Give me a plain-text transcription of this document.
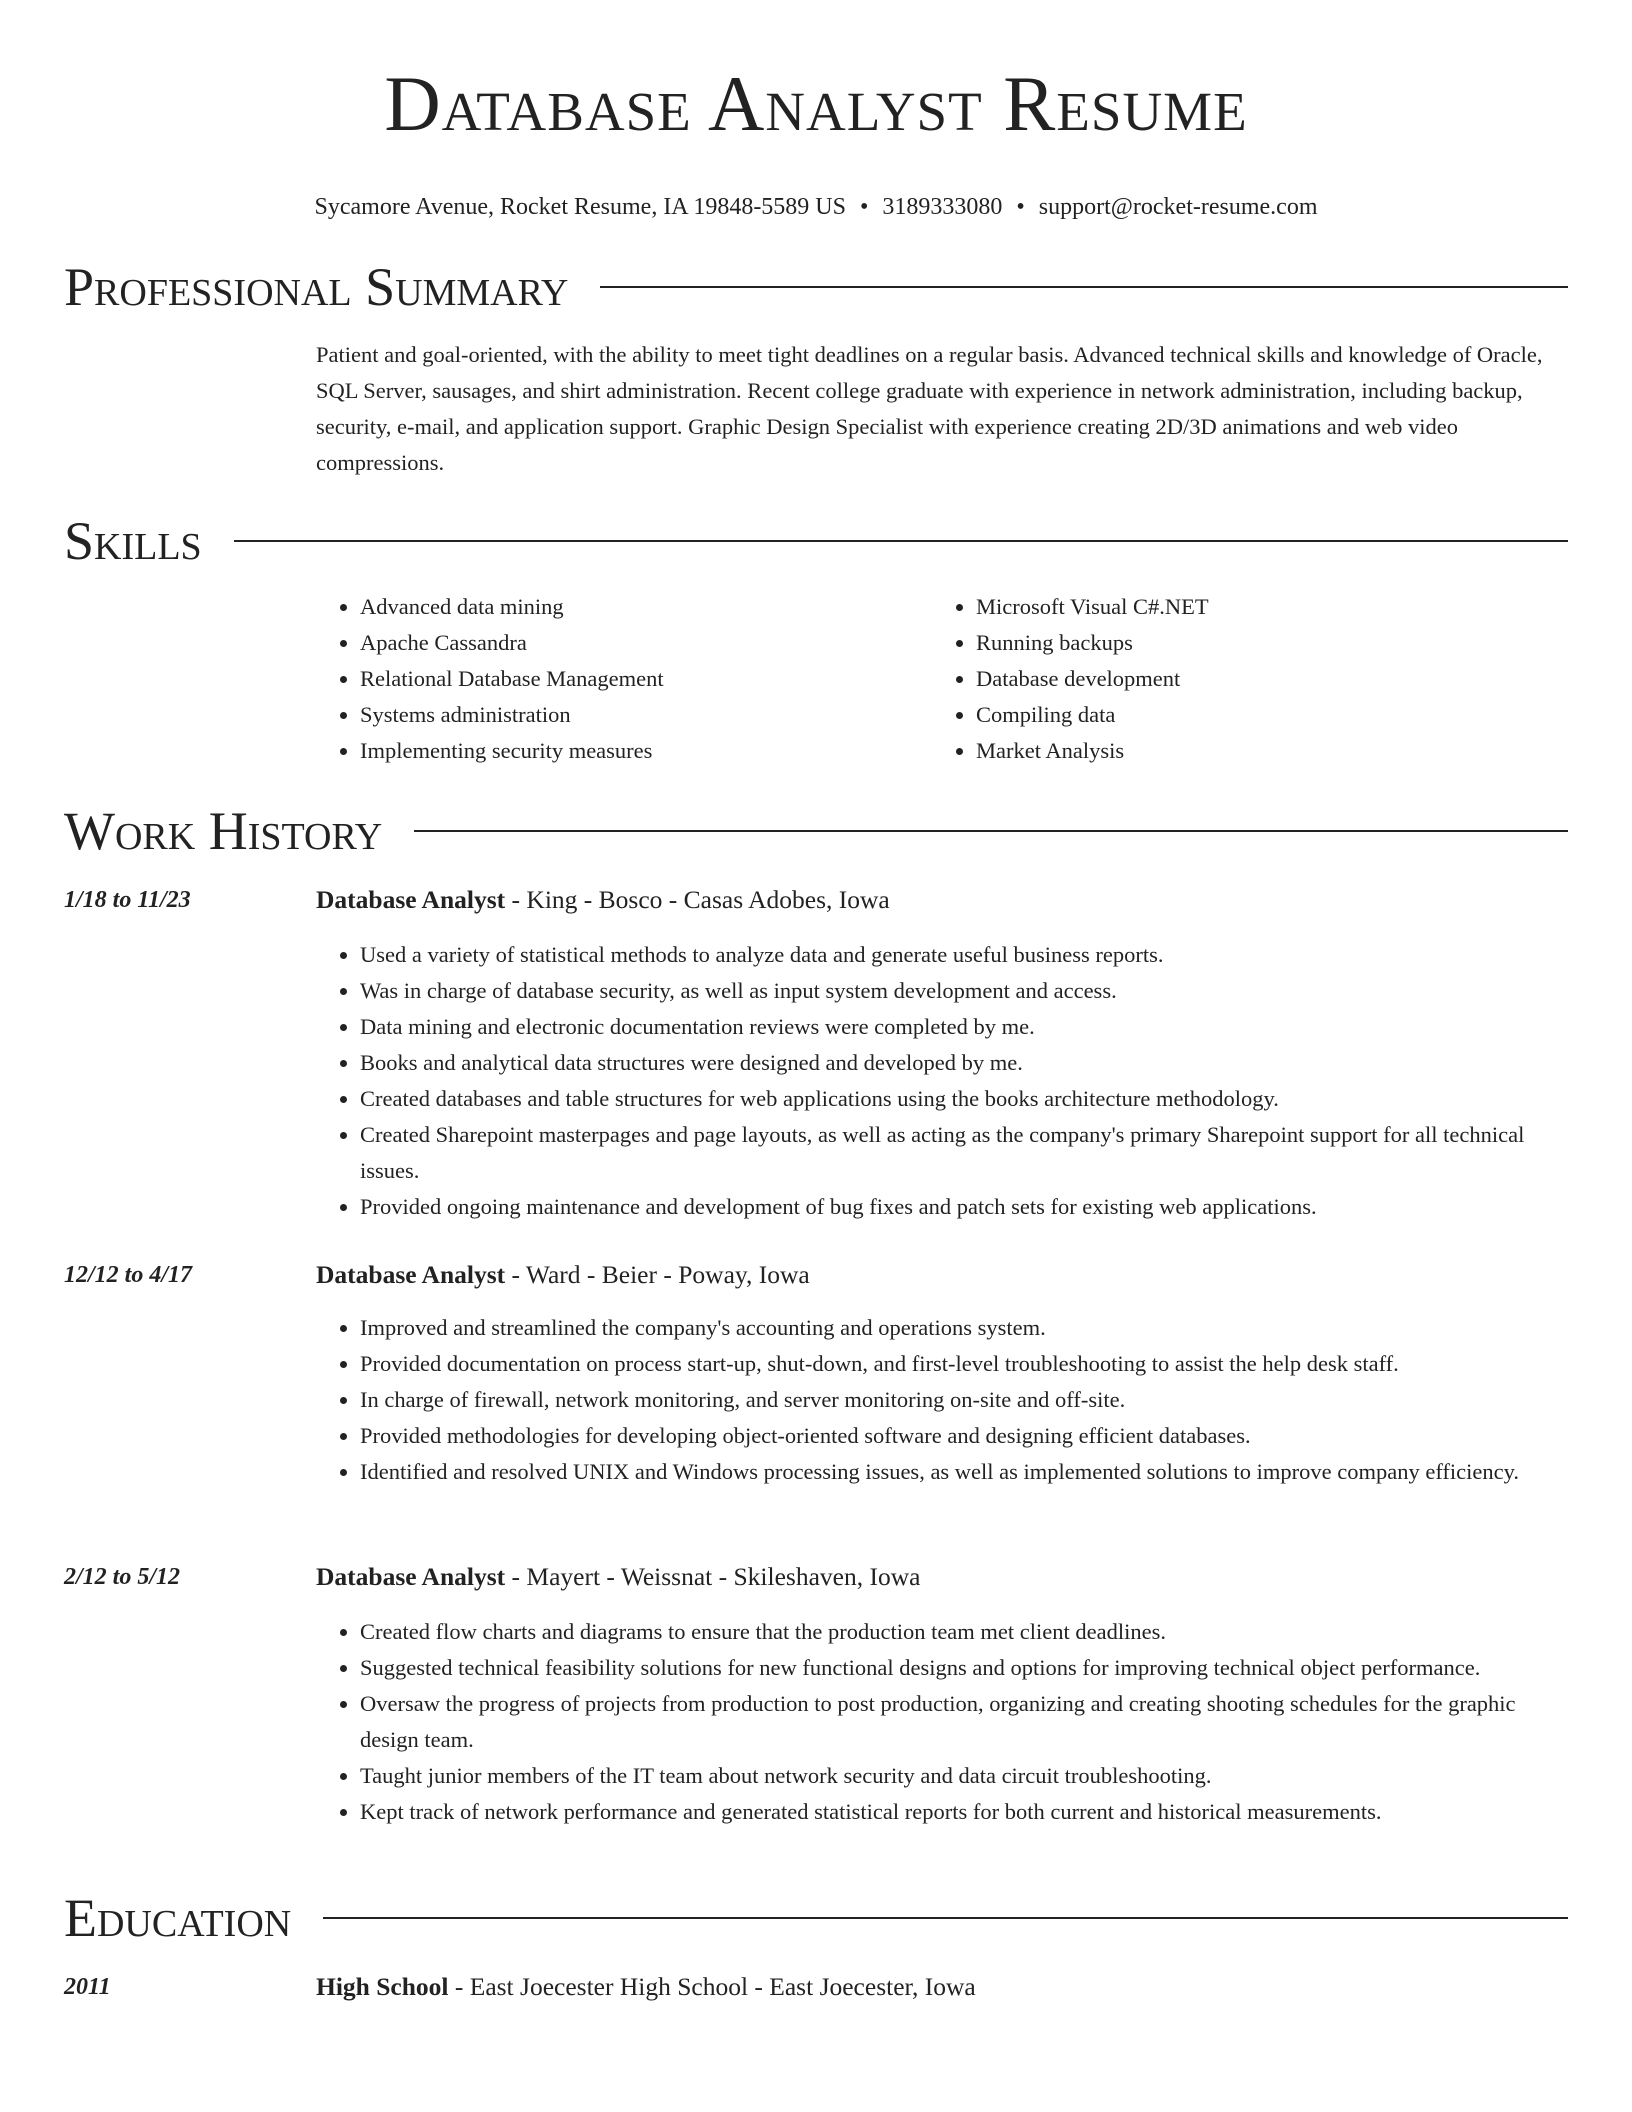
Database Analyst Resume
Sycamore Avenue, Rocket Resume, IA 19848-5589 US • 3189333080 • support@rocket-resume.com
Professional Summary

Patient and goal-oriented, with the ability to meet tight deadlines on a regular basis. Advanced technical skills and knowledge of Oracle, SQL Server, sausages, and shirt administration. Recent college graduate with experience in network administration, including backup, security, e-mail, and application support. Graphic Design Specialist with experience creating 2D/3D animations and web video compressions.

Skills
• Advanced data mining
• Apache Cassandra
• Relational Database Management
• Systems administration
• Implementing security measures
• Microsoft Visual C#.NET
• Running backups
• Database development
• Compiling data
• Market Analysis
Work History
1/18 to 11/23	Database Analyst - King - Bosco - Casas Adobes, Iowa
• Used a variety of statistical methods to analyze data and generate useful business reports.
• Was in charge of database security, as well as input system development and access.
• Data mining and electronic documentation reviews were completed by me.
• Books and analytical data structures were designed and developed by me.
• Created databases and table structures for web applications using the books architecture methodology.
• Created Sharepoint masterpages and page layouts, as well as acting as the company's primary Sharepoint support for all technical issues.
• Provided ongoing maintenance and development of bug fixes and patch sets for existing web applications.
12/12 to 4/17	Database Analyst - Ward - Beier - Poway, Iowa
• Improved and streamlined the company's accounting and operations system.
• Provided documentation on process start-up, shut-down, and first-level troubleshooting to assist the help desk staff.
• In charge of firewall, network monitoring, and server monitoring on-site and off-site.
• Provided methodologies for developing object-oriented software and designing efficient databases.
• Identified and resolved UNIX and Windows processing issues, as well as implemented solutions to improve company efficiency.
2/12 to 5/12	Database Analyst - Mayert - Weissnat - Skileshaven, Iowa
• Created flow charts and diagrams to ensure that the production team met client deadlines.
• Suggested technical feasibility solutions for new functional designs and options for improving technical object performance.
• Oversaw the progress of projects from production to post production, organizing and creating shooting schedules for the graphic design team.
• Taught junior members of the IT team about network security and data circuit troubleshooting.
• Kept track of network performance and generated statistical reports for both current and historical measurements.
Education
2011	High School - East Joecester High School - East Joecester, Iowa
